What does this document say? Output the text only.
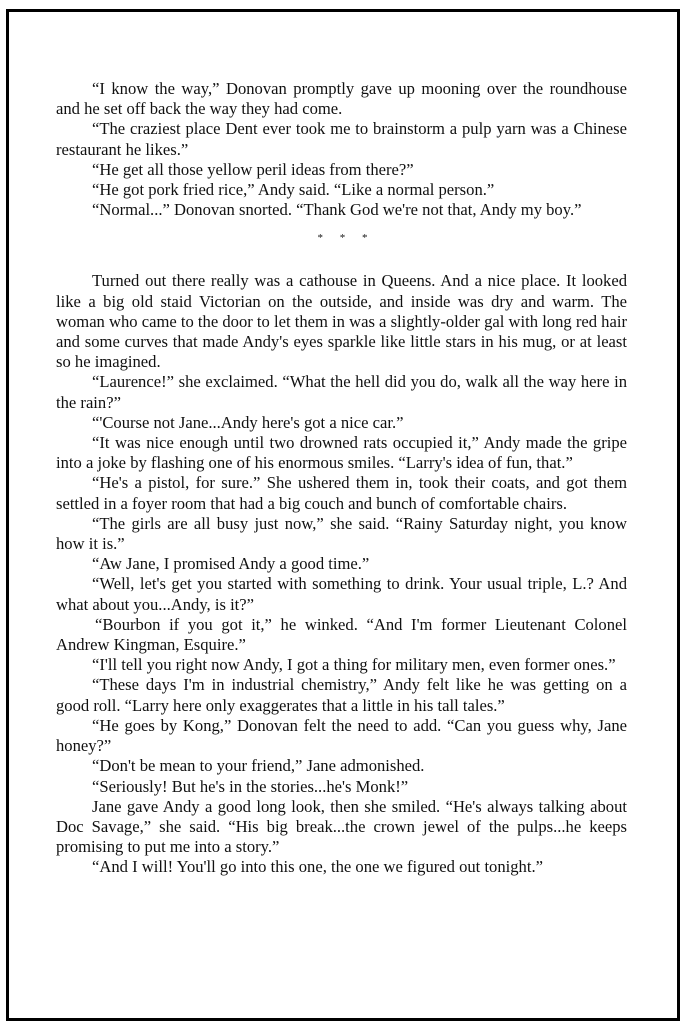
“I know the way,” Donovan promptly gave up mooning over the roundhouse and he set off back the way they had come.

“The craziest place Dent ever took me to brainstorm a pulp yarn was a Chinese restaurant he likes.”

“He get all those yellow peril ideas from there?”

“He got pork fried rice,” Andy said. “Like a normal person.”

“Normal...” Donovan snorted. “Thank God we're not that, Andy my boy.”

* * *

Turned out there really was a cathouse in Queens. And a nice place. It looked like a big old staid Victorian on the outside, and inside was dry and warm. The woman who came to the door to let them in was a slightly-older gal with long red hair and some curves that made Andy's eyes sparkle like little stars in his mug, or at least so he imagined.

“Laurence!” she exclaimed. “What the hell did you do, walk all the way here in the rain?”

“'Course not Jane...Andy here's got a nice car.”

“It was nice enough until two drowned rats occupied it,” Andy made the gripe into a joke by flashing one of his enormous smiles. “Larry's idea of fun, that.”

“He's a pistol, for sure.” She ushered them in, took their coats, and got them settled in a foyer room that had a big couch and bunch of comfortable chairs.

“The girls are all busy just now,” she said. “Rainy Saturday night, you know how it is.”

“Aw Jane, I promised Andy a good time.”

“Well, let's get you started with something to drink. Your usual triple, L.? And what about you...Andy, is it?”

“Bourbon if you got it,” he winked. “And I'm former Lieutenant Colonel Andrew Kingman, Esquire.”

“I'll tell you right now Andy, I got a thing for military men, even former ones.”

“These days I'm in industrial chemistry,” Andy felt like he was getting on a good roll. “Larry here only exaggerates that a little in his tall tales.”

“He goes by Kong,” Donovan felt the need to add. “Can you guess why, Jane honey?”

“Don't be mean to your friend,” Jane admonished.

“Seriously! But he's in the stories...he's Monk!”

Jane gave Andy a good long look, then she smiled. “He's always talking about Doc Savage,” she said. “His big break...the crown jewel of the pulps...he keeps promising to put me into a story.”

“And I will! You'll go into this one, the one we figured out tonight.”
